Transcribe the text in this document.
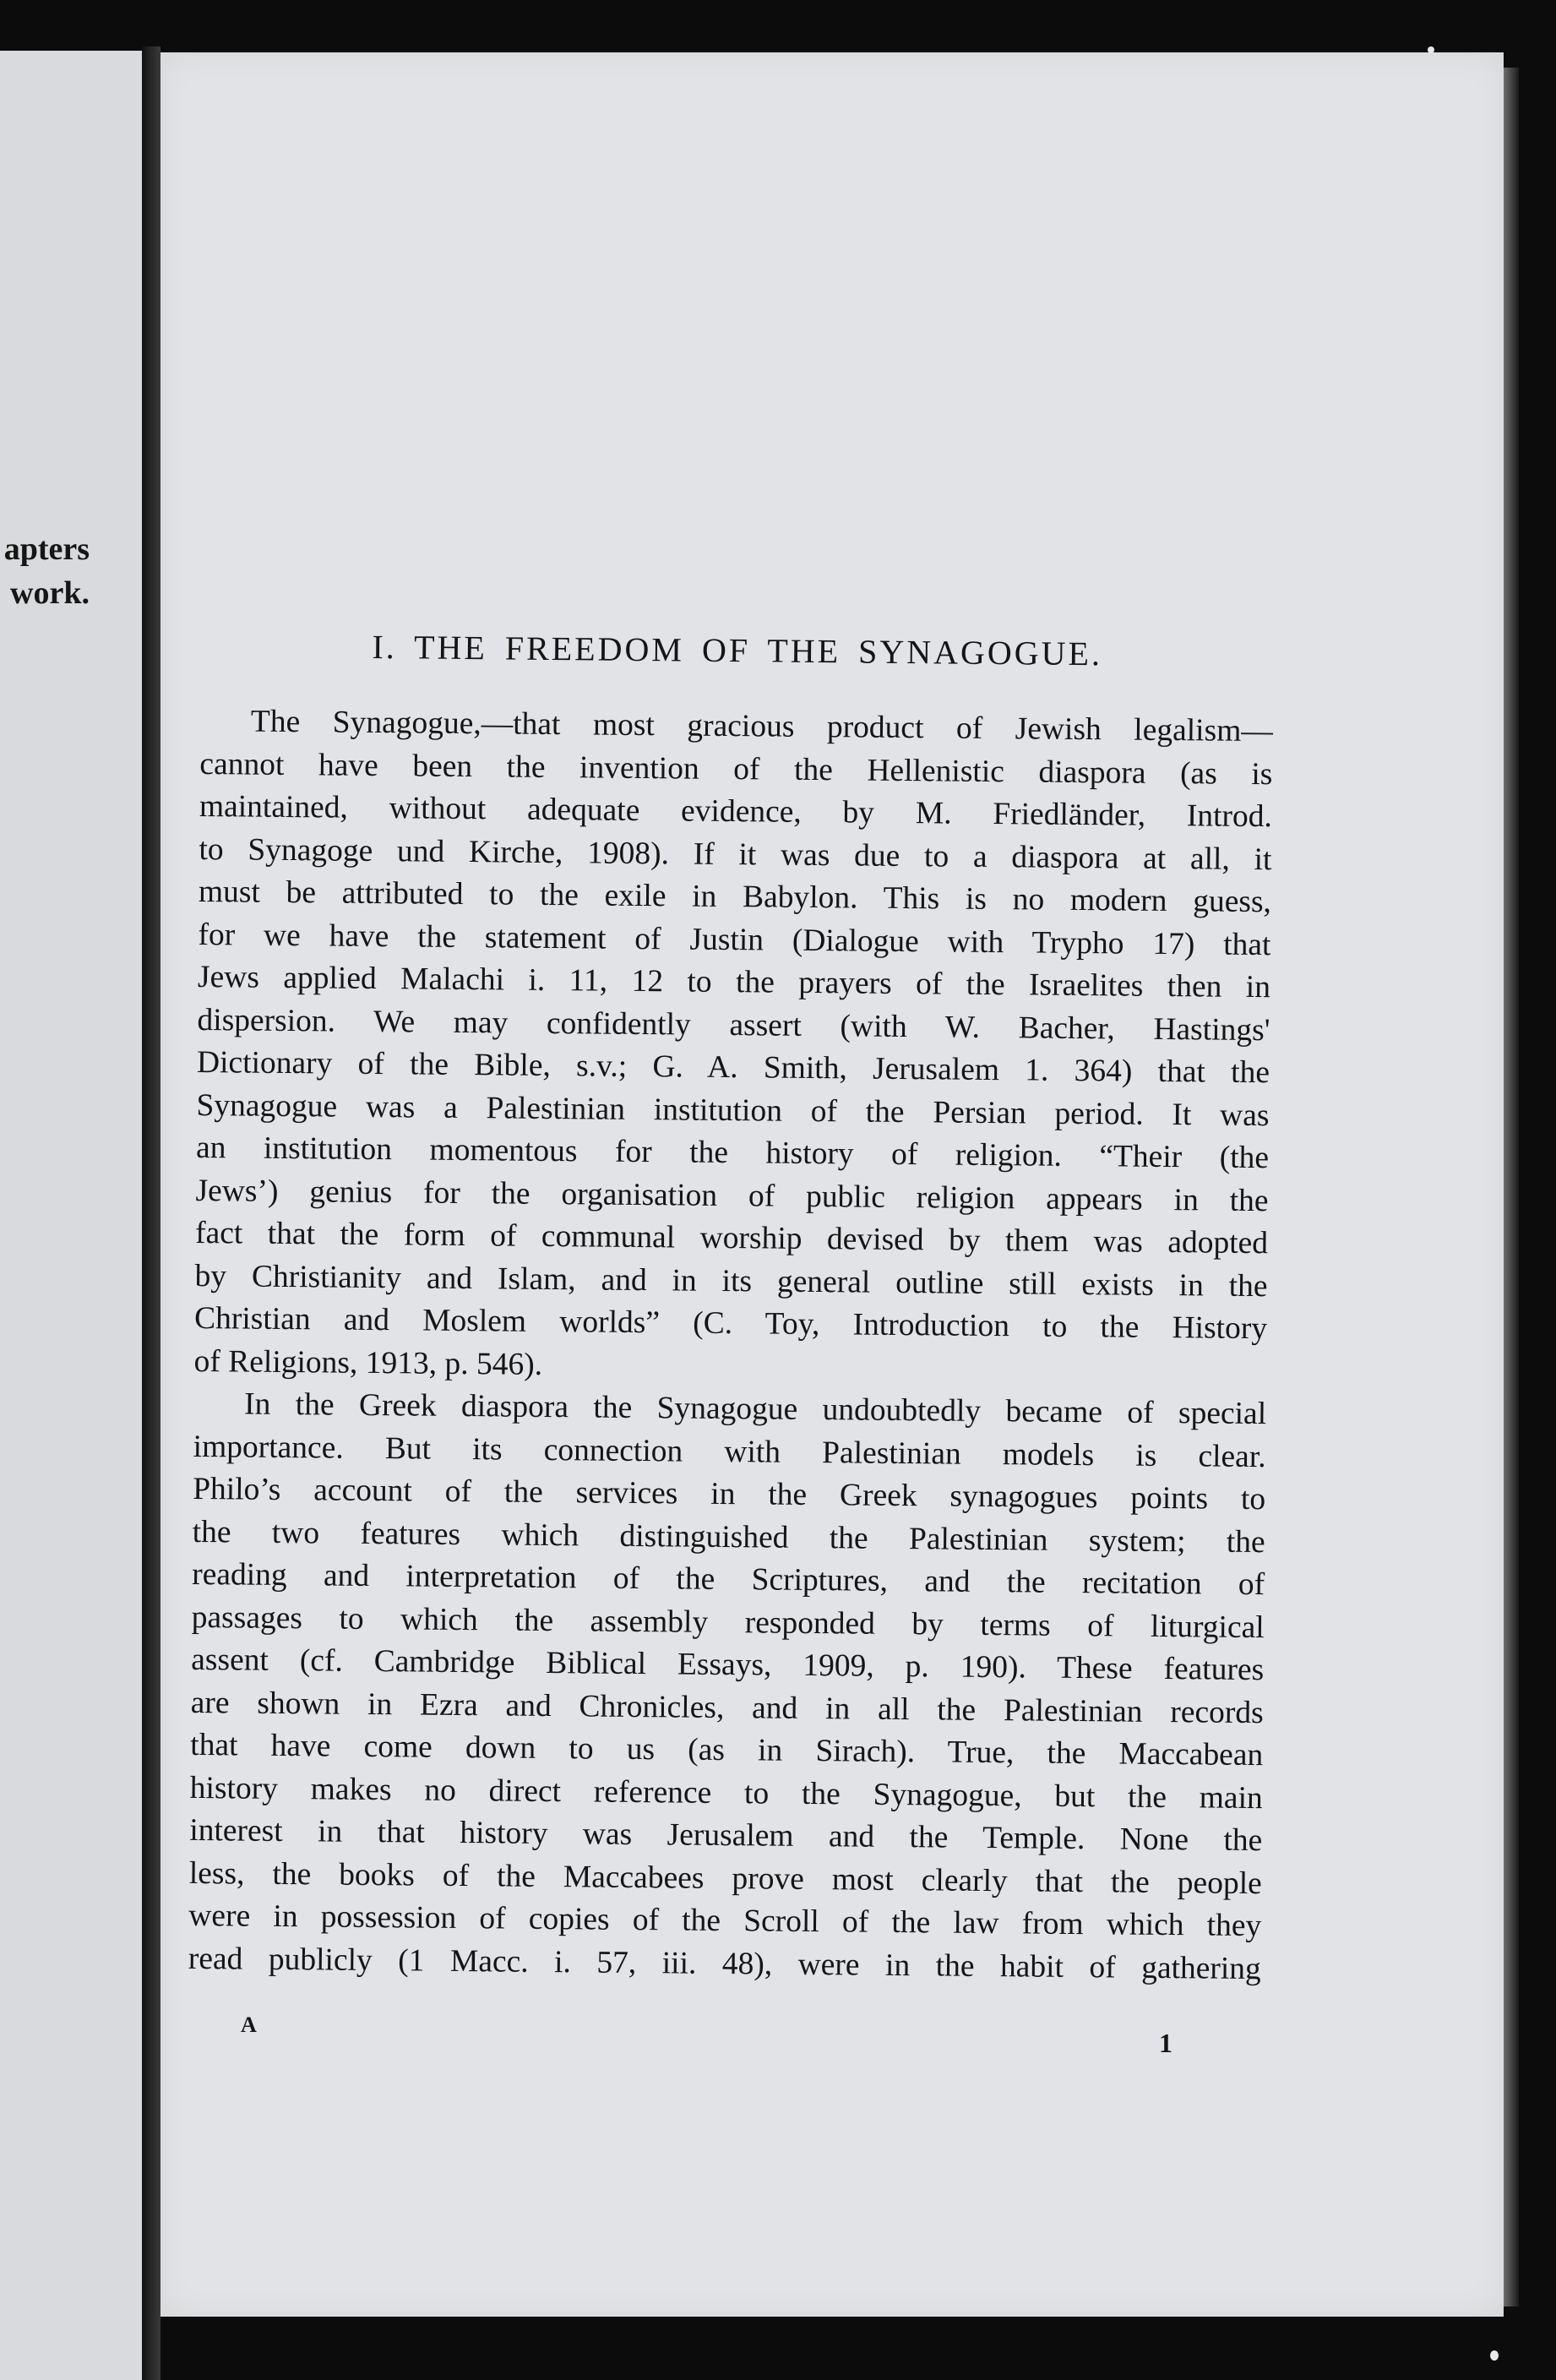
apters
work.
I. THE FREEDOM OF THE SYNAGOGUE.
The Synagogue,—that most gracious product of Jewish legalism—
cannot have been the invention of the Hellenistic diaspora (as is
maintained, without adequate evidence, by M. Friedländer, Introd.
to Synagoge und Kirche, 1908). If it was due to a diaspora at all, it
must be attributed to the exile in Babylon. This is no modern guess,
for we have the statement of Justin (Dialogue with Trypho 17) that
Jews applied Malachi i. 11, 12 to the prayers of the Israelites then in
dispersion. We may confidently assert (with W. Bacher, Hastings'
Dictionary of the Bible, s.v.; G. A. Smith, Jerusalem 1. 364) that the
Synagogue was a Palestinian institution of the Persian period. It was
an institution momentous for the history of religion. “Their (the
Jews’) genius for the organisation of public religion appears in the
fact that the form of communal worship devised by them was adopted
by Christianity and Islam, and in its general outline still exists in the
Christian and Moslem worlds” (C. Toy, Introduction to the History
of Religions, 1913, p. 546).
In the Greek diaspora the Synagogue undoubtedly became of special
importance. But its connection with Palestinian models is clear.
Philo’s account of the services in the Greek synagogues points to
the two features which distinguished the Palestinian system; the
reading and interpretation of the Scriptures, and the recitation of
passages to which the assembly responded by terms of liturgical
assent (cf. Cambridge Biblical Essays, 1909, p. 190). These features
are shown in Ezra and Chronicles, and in all the Palestinian records
that have come down to us (as in Sirach). True, the Maccabean
history makes no direct reference to the Synagogue, but the main
interest in that history was Jerusalem and the Temple. None the
less, the books of the Maccabees prove most clearly that the people
were in possession of copies of the Scroll of the law from which they
read publicly (1 Macc. i. 57, iii. 48), were in the habit of gathering
A
1
